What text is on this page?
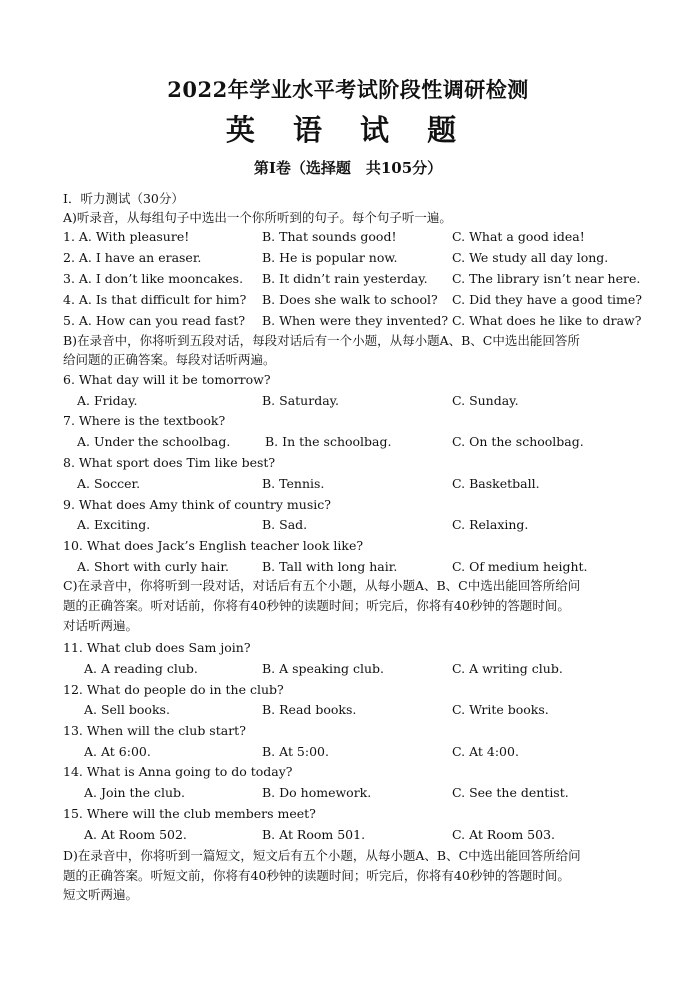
2022年学业水平考试阶段性调研检测
英 语 试 题
第Ⅰ卷（选择题　共105分）
I．听力测试（30分）
A)听录音，从每组句子中选出一个你所听到的句子。每个句子听一遍。
1. A. With pleasure!	B. That sounds good!	C. What a good idea!
2. A. I have an eraser.	B. He is popular now.	C. We study all day long.
3. A. I don’t like mooncakes. B. It didn’t rain yesterday. C. The library isn’t near here.
4. A. Is that difficult for him? B. Does she walk to school? C. Did they have a good time?
5. A. How can you read fast? B. When were they invented? C. What does he like to draw?
B)在录音中，你将听到五段对话，每段对话后有一个小题，从每小题A、B、C中选出能回答所
给问题的正确答案。每段对话听两遍。
6. What day will it be tomorrow?
A. Friday.	B. Saturday.	C. Sunday.
7. Where is the textbook?
A. Under the schoolbag.	B. In the schoolbag.	C. On the schoolbag.
8. What sport does Tim like best?
A. Soccer.	B. Tennis.	C. Basketball.
9. What does Amy think of country music?
A. Exciting.	B. Sad.	C. Relaxing.
10. What does Jack’s English teacher look like?
A. Short with curly hair.	B. Tall with long hair.	C. Of medium height.
C)在录音中，你将听到一段对话，对话后有五个小题，从每小题A、B、C中选出能回答所给问
题的正确答案。听对话前，你将有40秒钟的读题时间；听完后，你将有40秒钟的答题时间。
对话听两遍。
11. What club does Sam join?
A. A reading club.	B. A speaking club.	C. A writing club.
12. What do people do in the club?
A. Sell books.	B. Read books.	C. Write books.
13. When will the club start?
A. At 6:00.	B. At 5:00.	C. At 4:00.
14. What is Anna going to do today?
A. Join the club.	B. Do homework.	C. See the dentist.
15. Where will the club members meet?
A. At Room 502.	B. At Room 501.	C. At Room 503.
D)在录音中，你将听到一篇短文，短文后有五个小题，从每小题A、B、C中选出能回答所给问
题的正确答案。听短文前，你将有40秒钟的读题时间；听完后，你将有40秒钟的答题时间。
短文听两遍。
